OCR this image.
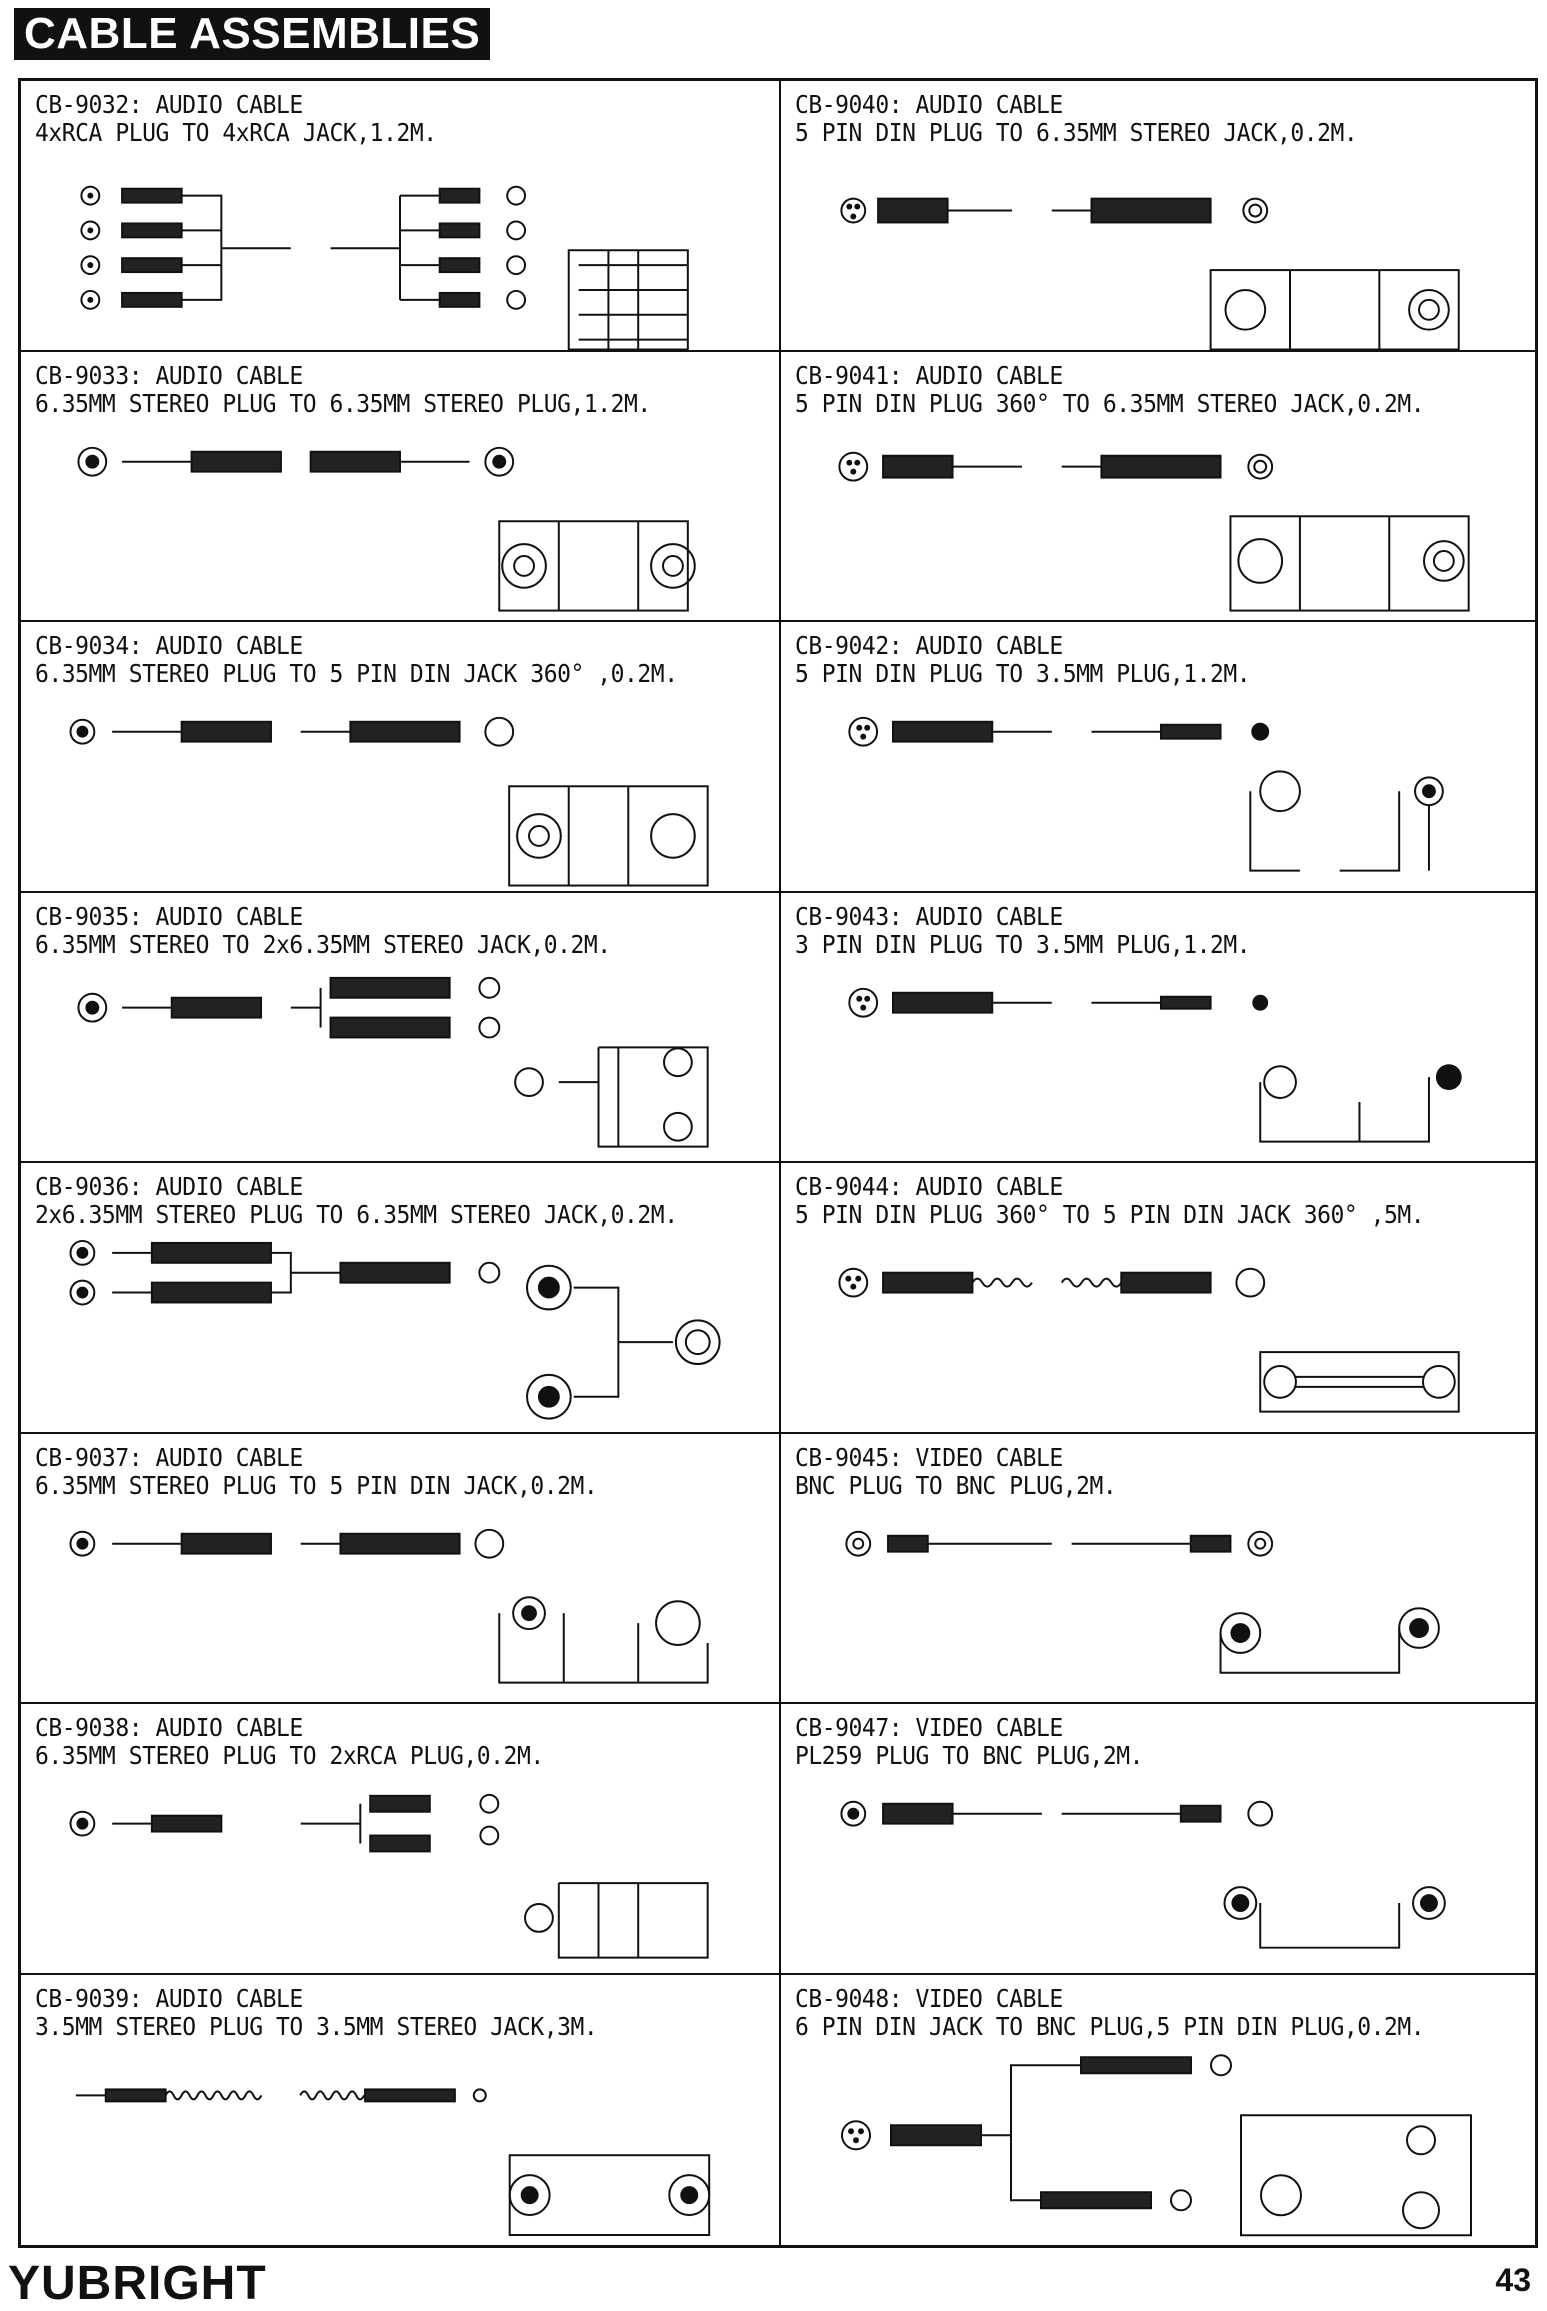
CABLE ASSEMBLIES
CB-9032: AUDIO CABLE
4xRCA PLUG TO 4xRCA JACK,1.2M.
CB-9040: AUDIO CABLE
5 PIN DIN PLUG TO 6.35MM STEREO JACK,0.2M.
CB-9033: AUDIO CABLE
6.35MM STEREO PLUG TO 6.35MM STEREO PLUG,1.2M.
CB-9041: AUDIO CABLE
5 PIN DIN PLUG 360° TO 6.35MM STEREO JACK,0.2M.
CB-9034: AUDIO CABLE
6.35MM STEREO PLUG TO 5 PIN DIN JACK 360° ,0.2M.
CB-9042: AUDIO CABLE
5 PIN DIN PLUG TO 3.5MM PLUG,1.2M.
CB-9035: AUDIO CABLE
6.35MM STEREO TO 2x6.35MM STEREO JACK,0.2M.
CB-9043: AUDIO CABLE
3 PIN DIN PLUG TO 3.5MM PLUG,1.2M.
CB-9036: AUDIO CABLE
2x6.35MM STEREO PLUG TO 6.35MM STEREO JACK,0.2M.
CB-9044: AUDIO CABLE
5 PIN DIN PLUG 360° TO 5 PIN DIN JACK 360° ,5M.
CB-9037: AUDIO CABLE
6.35MM STEREO PLUG TO 5 PIN DIN JACK,0.2M.
CB-9045: VIDEO CABLE
BNC PLUG TO BNC PLUG,2M.
CB-9038: AUDIO CABLE
6.35MM STEREO PLUG TO 2xRCA PLUG,0.2M.
CB-9047: VIDEO CABLE
PL259 PLUG TO BNC PLUG,2M.
CB-9039: AUDIO CABLE
3.5MM STEREO PLUG TO 3.5MM STEREO JACK,3M.
CB-9048: VIDEO CABLE
6 PIN DIN JACK TO BNC PLUG,5 PIN DIN PLUG,0.2M.
YUBRIGHT	43
